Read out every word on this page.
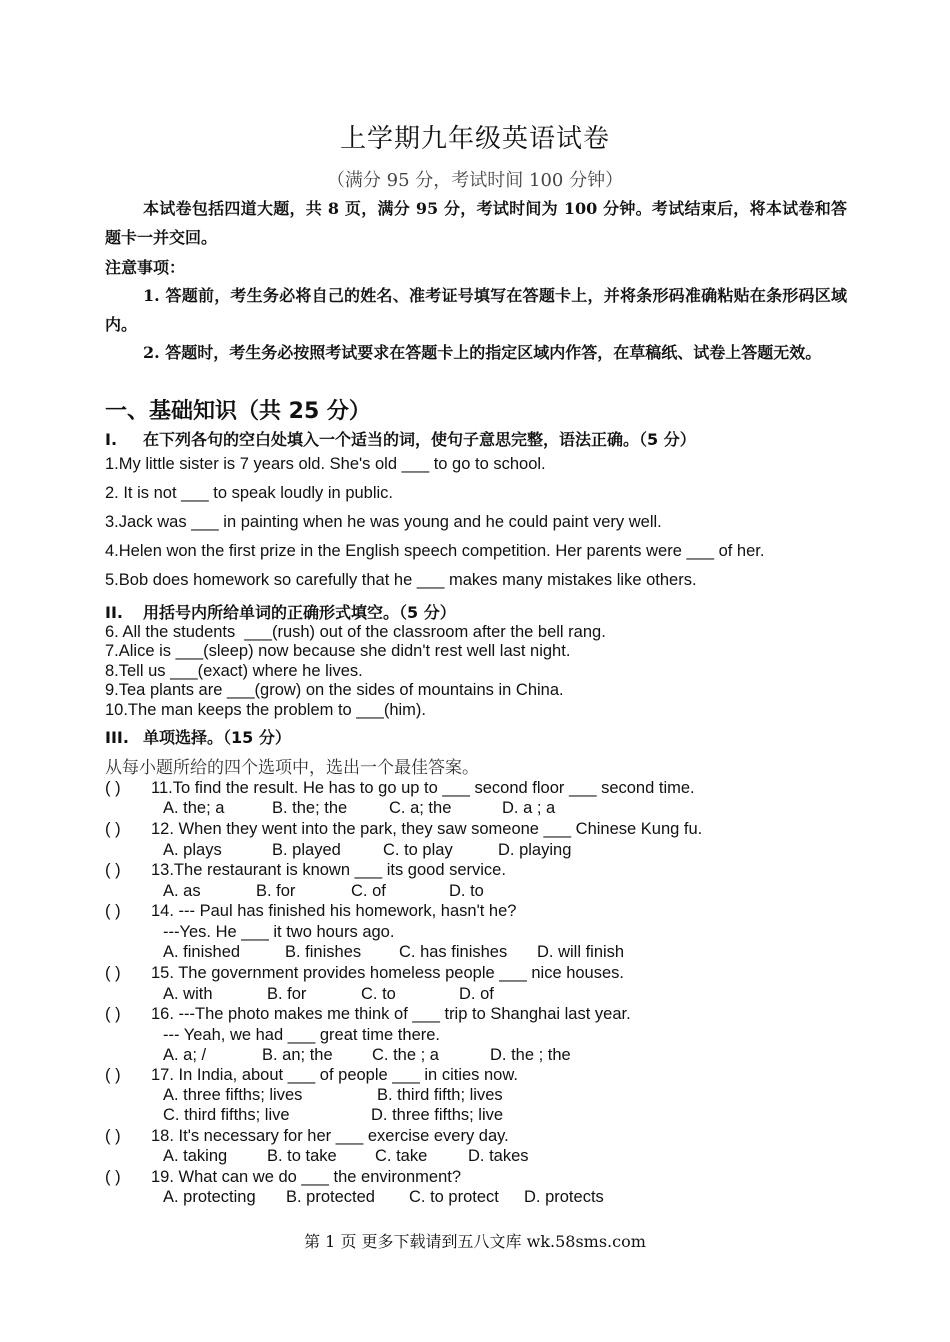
上学期九年级英语试卷
（满分 95 分，考试时间 100 分钟）
本试卷包括四道大题，共 8 页，满分 95 分，考试时间为 100 分钟。考试结束后，将本试卷和答题卡一并交回。
注意事项：
1. 答题前，考生务必将自己的姓名、准考证号填写在答题卡上，并将条形码准确粘贴在条形码区域内。
2. 答题时，考生务必按照考试要求在答题卡上的指定区域内作答，在草稿纸、试卷上答题无效。
一、基础知识（共 25 分）
I. 在下列各句的空白处填入一个适当的词，使句子意思完整，语法正确。（5 分）
1.My little sister is 7 years old. She's old ___ to go to school.
2. It is not ___ to speak loudly in public.
3.Jack was ___ in painting when he was young and he could paint very well.
4.Helen won the first prize in the English speech competition. Her parents were ___ of her.
5.Bob does homework so carefully that he ___ makes many mistakes like others.
II. 用括号内所给单词的正确形式填空。（5 分）
6. All the students  ___(rush) out of the classroom after the bell rang.
7.Alice is ___(sleep) now because she didn't rest well last night.
8.Tell us ___(exact) where he lives.
9.Tea plants are ___(grow) on the sides of mountains in China.
10.The man keeps the problem to ___(him).
III. 单项选择。（15 分）
从每小题所给的四个选项中，选出一个最佳答案。
( ) 11.To find the result. He has to go up to ___ second floor ___ second time.
A. the; a	B. the; the	C. a; the	D. a ; a
( ) 12. When they went into the park, they saw someone ___ Chinese Kung fu.
A. plays	B. played	C. to play	D. playing
( ) 13.The restaurant is known ___ its good service.
A. as	B. for	C. of	D. to
( ) 14. --- Paul has finished his homework, hasn't he?
---Yes. He ___ it two hours ago.
A. finished	B. finishes C. has finishes D. will finish
( ) 15. The government provides homeless people ___ nice houses.
A. with	B. for	C. to	D. of
( ) 16. ---The photo makes me think of ___ trip to Shanghai last year.
--- Yeah, we had ___ great time there.
A. a; /	B. an; the C. the ; a	D. the ; the
( ) 17. In India, about ___ of people ___ in cities now.
A. three fifths; lives	B. third fifth; lives
C. third fifths; live	D. three fifths; live
( ) 18. It's necessary for her ___ exercise every day.
A. taking B. to take C. take D. takes
( ) 19. What can we do ___ the environment?
A. protecting B. protected C. to protect D. protects
第 1 页 更多下载请到五八文库 wk.58sms.com
